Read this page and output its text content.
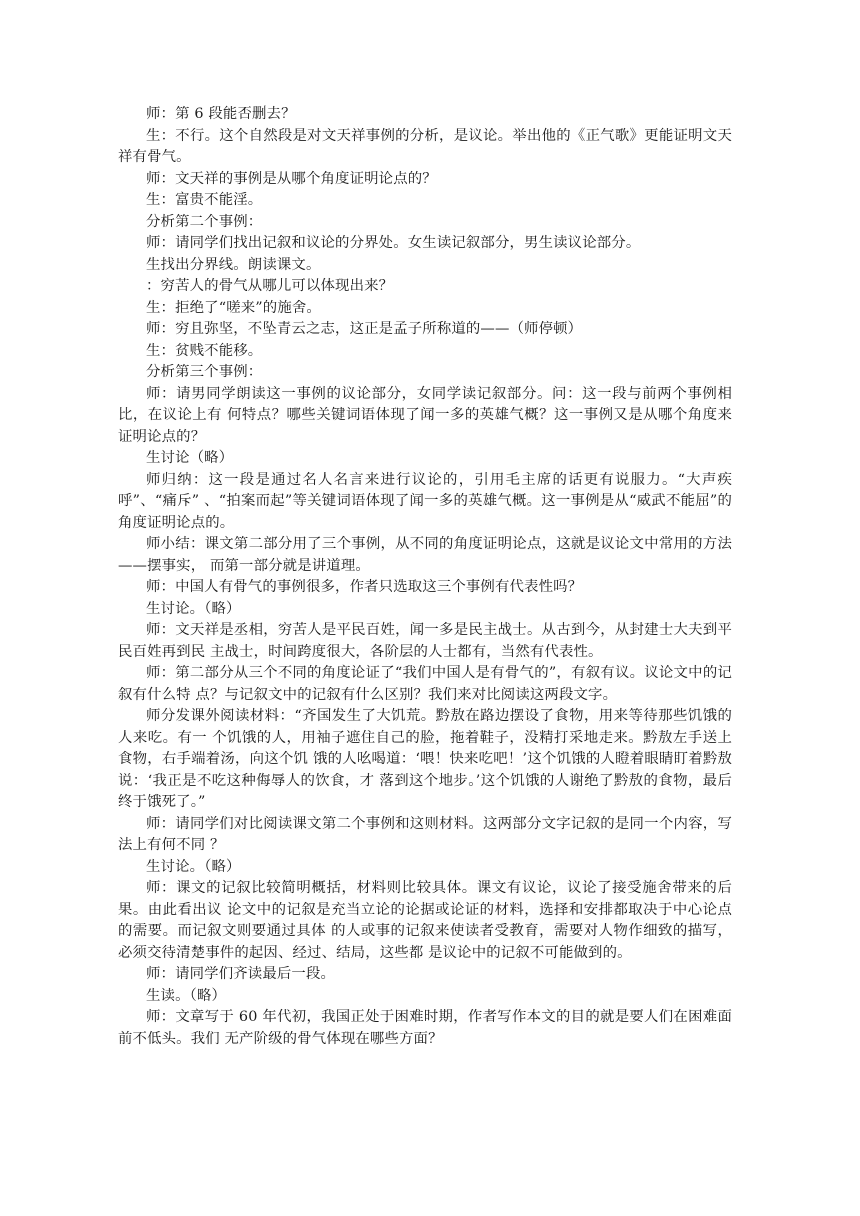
师：第 6 段能否删去？

生：不行。这个自然段是对文天祥事例的分析，是议论。举出他的《正气歌》更能证明文天祥有骨气。

师：文天祥的事例是从哪个角度证明论点的？

生：富贵不能淫。

分析第二个事例：

师：请同学们找出记叙和议论的分界处。女生读记叙部分，男生读议论部分。

生找出分界线。朗读课文。

：穷苦人的骨气从哪儿可以体现出来？

生：拒绝了“嗟来”的施舍。

师：穷且弥坚，不坠青云之志，这正是孟子所称道的——（师停顿）

生：贫贱不能移。

分析第三个事例：

师：请男同学朗读这一事例的议论部分，女同学读记叙部分。问：这一段与前两个事例相比，在议论上有 何特点？哪些关键词语体现了闻一多的英雄气概？这一事例又是从哪个角度来证明论点的？

生讨论（略）

师归纳：这一段是通过名人名言来进行议论的，引用毛主席的话更有说服力。“大声疾呼”、“痛斥” 、“拍案而起”等关键词语体现了闻一多的英雄气概。这一事例是从“威武不能屈”的角度证明论点的。

师小结：课文第二部分用了三个事例，从不同的角度证明论点，这就是议论文中常用的方法——摆事实， 而第一部分就是讲道理。

师：中国人有骨气的事例很多，作者只选取这三个事例有代表性吗？

生讨论。（略）

师：文天祥是丞相，穷苦人是平民百姓，闻一多是民主战士。从古到今，从封建士大夫到平民百姓再到民 主战士，时间跨度很大，各阶层的人士都有，当然有代表性。

师：第二部分从三个不同的角度论证了“我们中国人是有骨气的”，有叙有议。议论文中的记叙有什么特 点？与记叙文中的记叙有什么区别？我们来对比阅读这两段文字。

师分发课外阅读材料：“齐国发生了大饥荒。黔敖在路边摆设了食物，用来等待那些饥饿的人来吃。有一 个饥饿的人，用袖子遮住自己的脸，拖着鞋子，没精打采地走来。黔敖左手送上食物，右手端着汤，向这个饥 饿的人吆喝道：‘喂！快来吃吧！’这个饥饿的人瞪着眼睛盯着黔敖说：‘我正是不吃这种侮辱人的饮食，才 落到这个地步。’这个饥饿的人谢绝了黔敖的食物，最后终于饿死了。”

师：请同学们对比阅读课文第二个事例和这则材料。这两部分文字记叙的是同一个内容，写法上有何不同 ？

生讨论。（略）

师：课文的记叙比较简明概括，材料则比较具体。课文有议论，议论了接受施舍带来的后果。由此看出议 论文中的记叙是充当立论的论据或论证的材料，选择和安排都取决于中心论点的需要。而记叙文则要通过具体 的人或事的记叙来使读者受教育，需要对人物作细致的描写，必须交待清楚事件的起因、经过、结局，这些都 是议论中的记叙不可能做到的。

师：请同学们齐读最后一段。

生读。（略）

师：文章写于 60 年代初，我国正处于困难时期，作者写作本文的目的就是要人们在困难面前不低头。我们 无产阶级的骨气体现在哪些方面？
